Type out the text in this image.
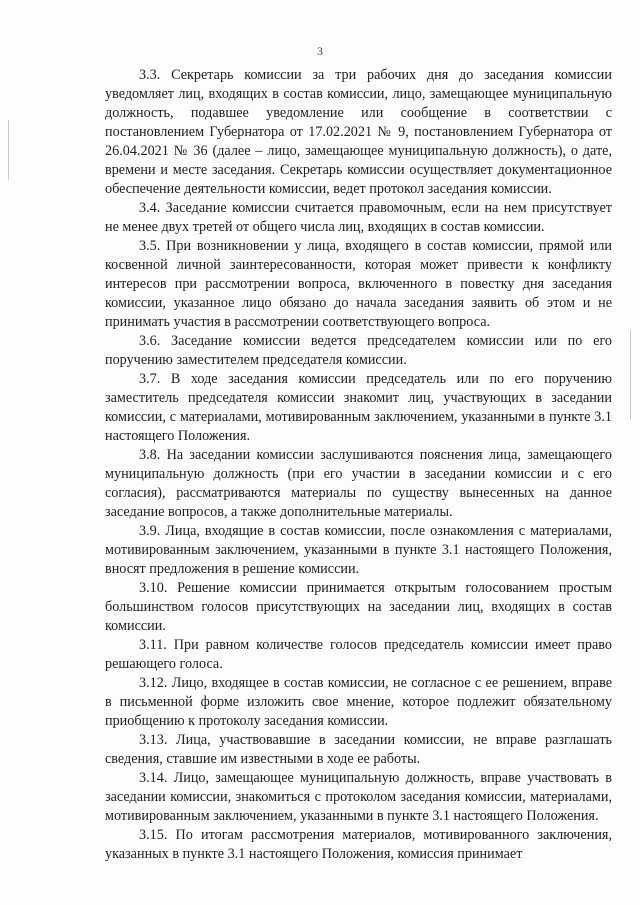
3

3.3. Секретарь комиссии за три рабочих дня до заседания комиссии уведомляет лиц, входящих в состав комиссии, лицо, замещающее муниципальную должность, подавшее уведомление или сообщение в соответствии с постановлением Губернатора от 17.02.2021 № 9, постановлением Губернатора от 26.04.2021 № 36 (далее – лицо, замещающее муниципальную должность), о дате, времени и месте заседания. Секретарь комиссии осуществляет документационное обеспечение деятельности комиссии, ведет протокол заседания комиссии.

3.4. Заседание комиссии считается правомочным, если на нем присутствует не менее двух третей от общего числа лиц, входящих в состав комиссии.

3.5. При возникновении у лица, входящего в состав комиссии, прямой или косвенной личной заинтересованности, которая может привести к конфликту интересов при рассмотрении вопроса, включенного в повестку дня заседания комиссии, указанное лицо обязано до начала заседания заявить об этом и не принимать участия в рассмотрении соответствующего вопроса.

3.6. Заседание комиссии ведется председателем комиссии или по его поручению заместителем председателя комиссии.

3.7. В ходе заседания комиссии председатель или по его поручению заместитель председателя комиссии знакомит лиц, участвующих в заседании комиссии, с материалами, мотивированным заключением, указанными в пункте 3.1 настоящего Положения.

3.8. На заседании комиссии заслушиваются пояснения лица, замещающего муниципальную должность (при его участии в заседании комиссии и с его согласия), рассматриваются материалы по существу вынесенных на данное заседание вопросов, а также дополнительные материалы.

3.9. Лица, входящие в состав комиссии, после ознакомления с материалами, мотивированным заключением, указанными в пункте 3.1 настоящего Положения, вносят предложения в решение комиссии.

3.10. Решение комиссии принимается открытым голосованием простым большинством голосов присутствующих на заседании лиц, входящих в состав комиссии.

3.11. При равном количестве голосов председатель комиссии имеет право решающего голоса.

3.12. Лицо, входящее в состав комиссии, не согласное с ее решением, вправе в письменной форме изложить свое мнение, которое подлежит обязательному приобщению к протоколу заседания комиссии.

3.13. Лица, участвовавшие в заседании комиссии, не вправе разглашать сведения, ставшие им известными в ходе ее работы.

3.14. Лицо, замещающее муниципальную должность, вправе участвовать в заседании комиссии, знакомиться с протоколом заседания комиссии, материалами, мотивированным заключением, указанными в пункте 3.1 настоящего Положения.

3.15. По итогам рассмотрения материалов, мотивированного заключения, указанных в пункте 3.1 настоящего Положения, комиссия принимает
